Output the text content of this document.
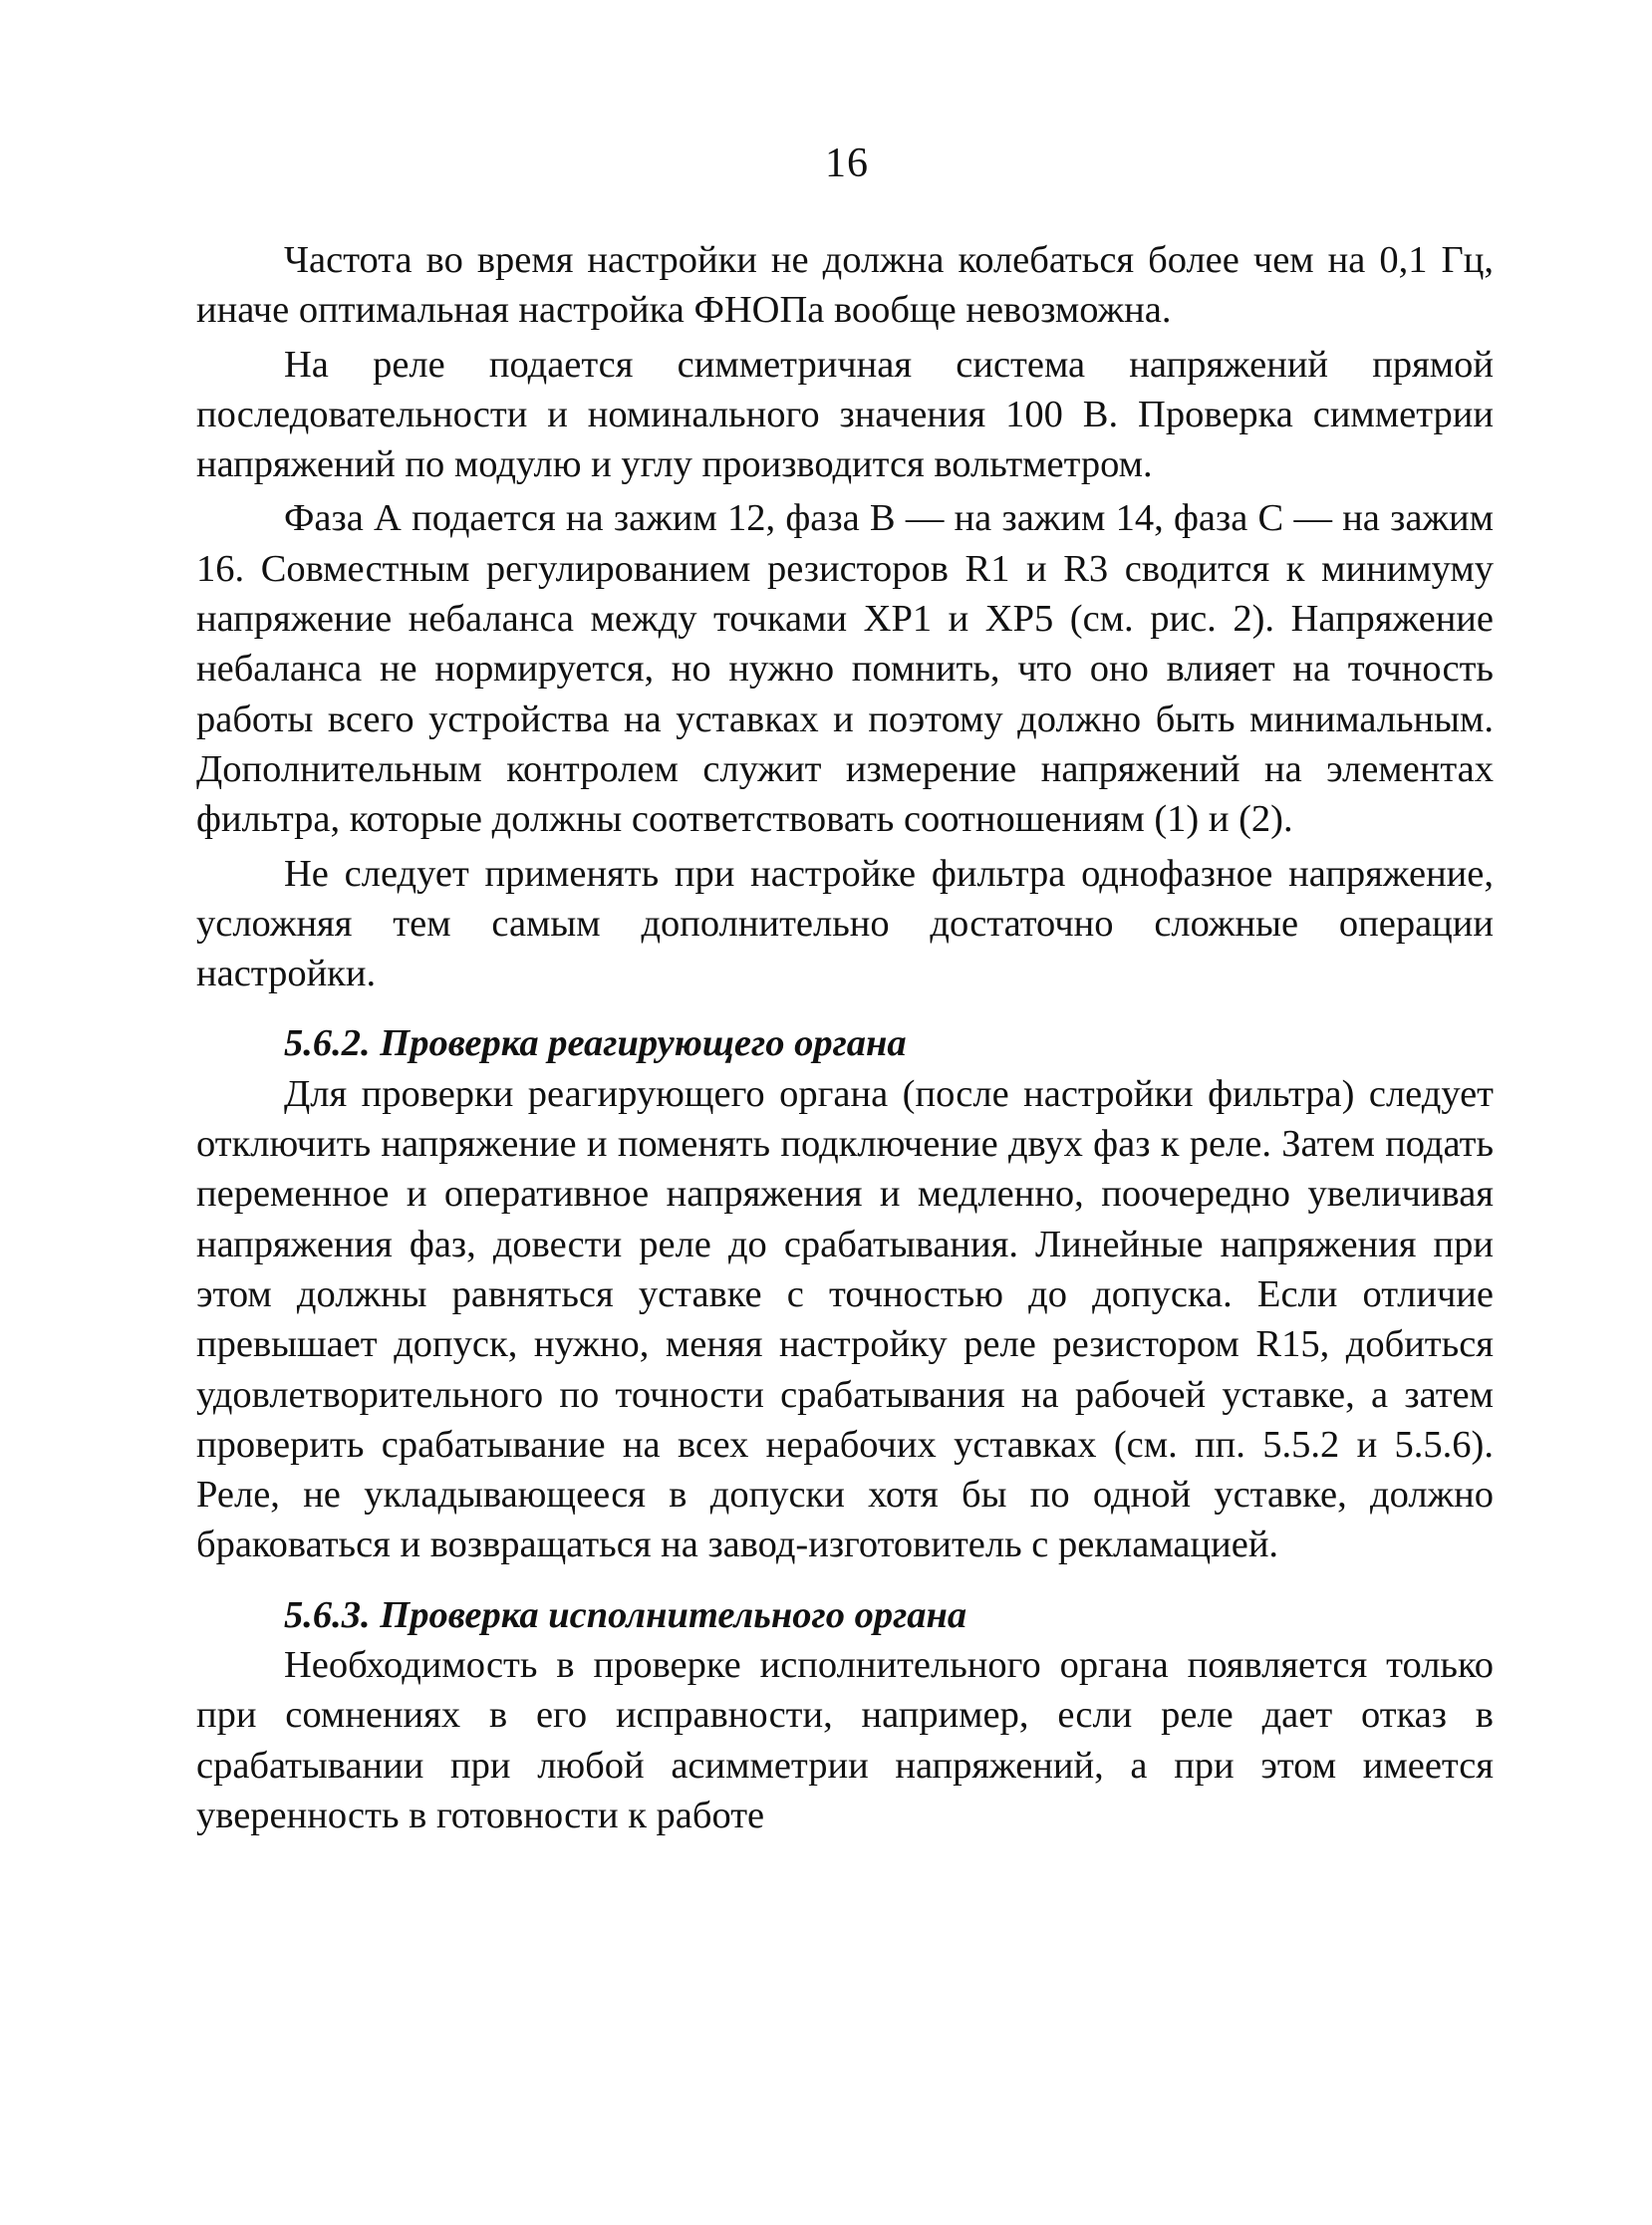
16

Частота во время настройки не должна колебаться более чем на 0,1 Гц, иначе оптимальная настройка ФНОПа вообще невозможна.

На реле подается симметричная система напряжений прямой последовательности и номинального значения 100 В. Проверка симметрии напряжений по модулю и углу производится вольтметром.

Фаза А подается на зажим 12, фаза В — на зажим 14, фаза С — на зажим 16. Совместным регулированием резисторов R1 и R3 сводится к минимуму напряжение небаланса между точками XP1 и XP5 (см. рис. 2). Напряжение небаланса не нормируется, но нужно помнить, что оно влияет на точность работы всего устройства на уставках и поэтому должно быть минимальным. Дополнительным контролем служит измерение напряжений на элементах фильтра, которые должны соответствовать соотношениям (1) и (2).

Не следует применять при настройке фильтра однофазное напряжение, усложняя тем самым дополнительно достаточно сложные операции настройки.

5.6.2. Проверка реагирующего органа

Для проверки реагирующего органа (после настройки фильтра) следует отключить напряжение и поменять подключение двух фаз к реле. Затем подать переменное и оперативное напряжения и медленно, поочередно увеличивая напряжения фаз, довести реле до срабатывания. Линейные напряжения при этом должны равняться уставке с точностью до допуска. Если отличие превышает допуск, нужно, меняя настройку реле резистором R15, добиться удовлетворительного по точности срабатывания на рабочей уставке, а затем проверить срабатывание на всех нерабочих уставках (см. пп. 5.5.2 и 5.5.6). Реле, не укладывающееся в допуски хотя бы по одной уставке, должно браковаться и возвращаться на завод-изготовитель с рекламацией.

5.6.3. Проверка исполнительного органа

Необходимость в проверке исполнительного органа появляется только при сомнениях в его исправности, например, если реле дает отказ в срабатывании при любой асимметрии напряжений, а при этом имеется уверенность в готовности к работе
